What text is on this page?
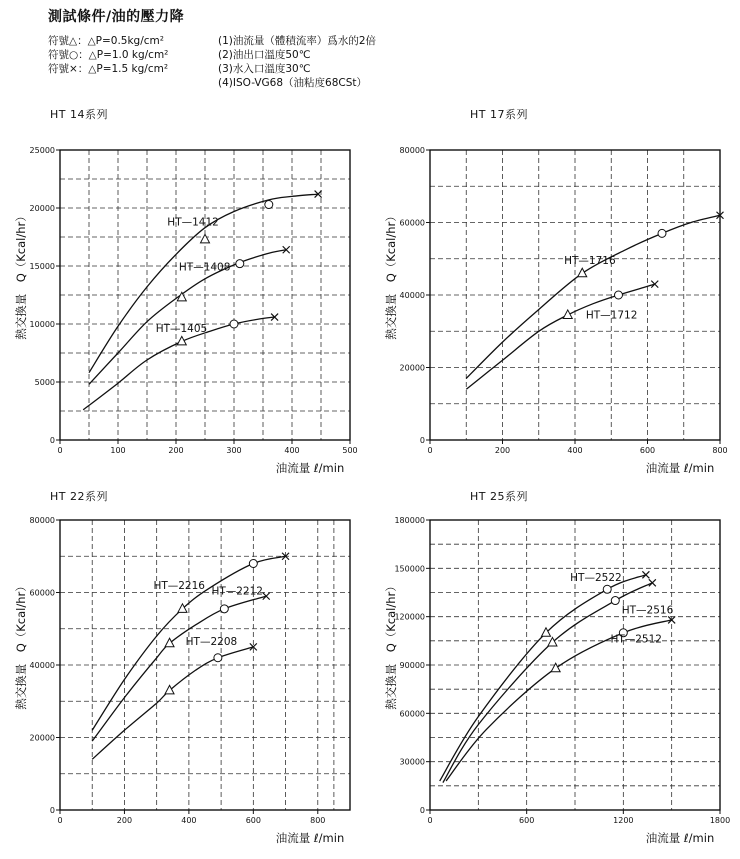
測試條件/油的壓力降
符號△：△P=0.5kg/cm²
符號○：△P=1.0 kg/cm²
符號×：△P=1.5 kg/cm²
(1)油流量（體積流率）爲水的2倍
(2)油出口溫度50℃
(3)水入口溫度30℃
(4)ISO-VG68（油粘度68CSt）
HT 14系列	HT 17系列
HT 22系列	HT 25系列
0	100	200	300	400	500
0
5000
10000
15000
20000
25000
油流量 ℓ/min
熱交換量　Q（Kcal/hr）	HT—1412
HT—1408
HT—1405
0	200	400	600	800
0
20000
40000
60000
80000
油流量 ℓ/min
熱交換量　Q（Kcal/hr）	HT—1716
HT—1712
0	200	400	600	800
0
20000
40000
60000
80000
油流量 ℓ/min
熱交換量　Q（Kcal/hr）	HT—2216 HT—2212
HT—2208
0	600	1200	1800
0
30000
60000
90000
120000
150000
180000
油流量 ℓ/min
熱交換量　Q（Kcal/hr）
HT—2522
HT—2516
HT—2512
